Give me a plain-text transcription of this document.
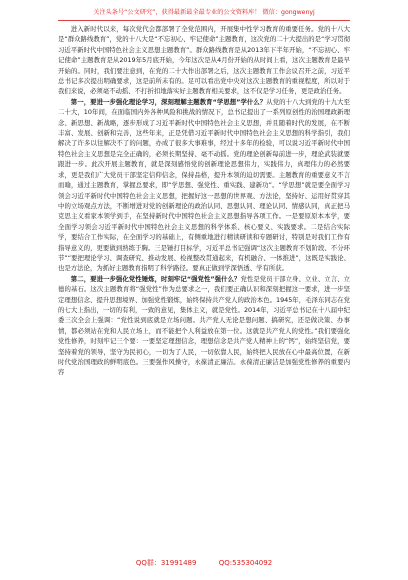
关注头条号“公文研究”，获得最新最全最专业的公文资料库！ 微信：gongwenyj

进入新时代以来，每次党代会都部署了全党范围内，开展集中性学习教育的重要任务。党的十八大是“群众路线教育”，党的十八大是“不忘初心、牢记使命”主题教育，这次党的二十大提出的是“学习贯彻习近平新时代中国特色社会主义思想主题教育”。群众路线教育是从2013年下半年开始，“不忘初心、牢记使命”主题教育是从2019年5月底开始，今年这次是从4月份开始的从时间上看，这次主题教育是最早开始的。同时，我们要注意到，在党的二十大作出部署之后，这次主题教育工作会议召开之前，习近平总书记多次提出明确要求，这是前所未有的。足可以看出党中央对这次主题教育的重视程度，所以对于我们来说，必须毫不动摇、不打折扣地落实好主题教育相关要求，这不仅是学习任务，更是政治任务。

第一，要进一步强化理论学习，深刻理解主题教育“学思想”学什么？从党的十八大到党的十九大至二十大，10年间，在面临国内外各种风险和挑战的情况下，总书记提出了一系列原创性的治国理政新理念、新思想、新战略，逐步形成了习近平新时代中国特色社会主义思想，并且随着时代的发展，在不断丰富、发展、创新和完善，这些年来，正是凭借习近平新时代中国特色社会主义思想的科学指引，我们解决了许多以往解决不了的问题，办成了很多大事难事，经过十多年的检验，可以说习近平新时代中国特色社会主义思想是完全正确的，必须长期坚持、毫不动摇。党的理论创新每前进一步，理论武装就要跟进一步。此次开展主题教育，就是深刻感悟党的创新理论思想伟力，实践伟力，真理伟力的必然要求，更是我们广大党员干部坚定信仰信念，保持品格，提升本领的迫切需要。主题教育的重要意义不言而喻，通过主题教育，掌握总要求，即“学思想、强党性、重实践、建新功”。“学思想”就是要全面学习领会习近平新时代中国特色社会主义思想，把握好这一思想的世界观、方法论，坚持好、运用好贯穿其中的立场观点方法，不断增进对党的创新理论的政治认同、思想认同、理论认同、情感认同，真正把马克思主义看家本领学到手，在坚持新时代中国特色社会主义思想指导各项工作。一是要原原本本学，要全面学习领会习近平新时代中国特色社会主义思想的科学体系、核心要义、实践要求。二是结合实际学，要结合工作实际，在全面学习的基础上，有侧重地进行精读研读和专题研讨，特别是对我们工作有指导意义的，更要做到熟练于胸。三是锤打目标学，习近平总书记强调“这次主题教育不划阶段、不分环节”“要把理论学习、调查研究、推动发展、检视整改贯通起来，有机融合、一体推进”，这既是实践论、也是方法论，为抓好主题教育指明了科学路径。要真正做到学深悟透、学有所获。

第二，要进一步强化党性锤炼，时刻牢记“强党性”强什么？党性是党员干部立身、立业、立言、立德的基石。这次主题教育将“强党性”作为总要求之一，我们要正确认识和深刻把握这一要求，进一步坚定理想信念、提升思想境界、加强党性锻炼，始终保持共产党人的政治本色。1945年，毛泽东同志在党的七大上指出，一切的有利，一致的意见，集体主义，就是党性。2014年，习近平总书记在十八届中纪委三次全会上强调：“党性说到底就是立场问题。共产党人无论是想问题、搞研究，还是做决策、办事情，都必须站在党和人民立场上，而不能把个人利益放在第一位。这就是共产党人的党性。”我们要强化党性修养，时刻牢记三个要：一要坚定理想信念，理想信念是共产党人精神上的“钙”，始终坚信党，要坚持着党的领导，坚守为民初心，一切为了人民，一切依靠人民，始终把人民放在心中最高位置，在新时代党治国理政的鲜明底色。三要强作风操守，永葆清正廉洁。永葆清正廉洁是加强党性修养的重要内容

QQ群：31991489	QQ:535304092
